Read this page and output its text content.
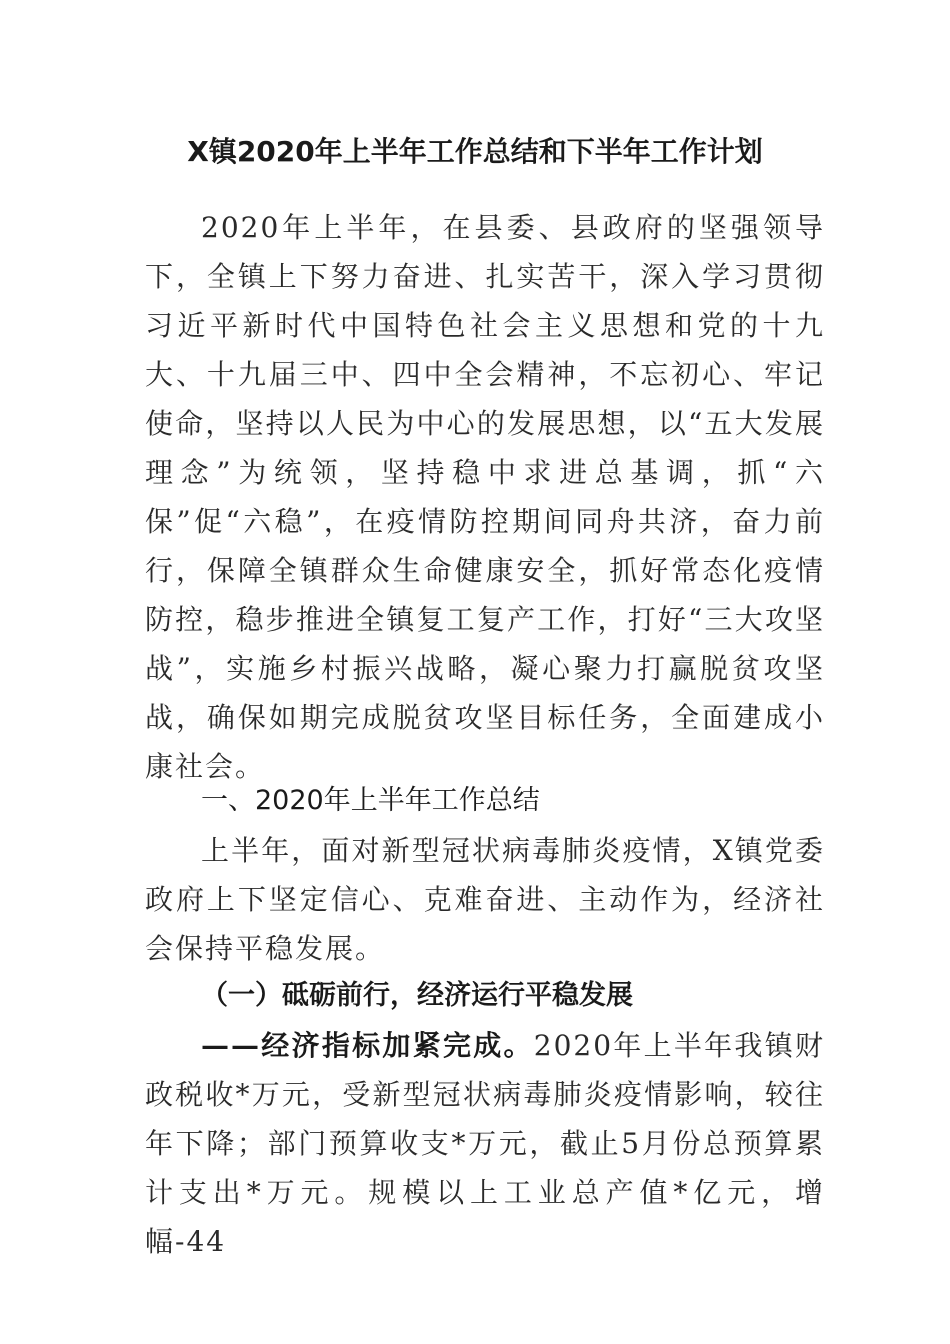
X镇2020年上半年工作总结和下半年工作计划

2020年上半年，在县委、县政府的坚强领导下，全镇上下努力奋进、扎实苦干，深入学习贯彻习近平新时代中国特色社会主义思想和党的十九大、十九届三中、四中全会精神，不忘初心、牢记使命，坚持以人民为中心的发展思想，以“五大发展理念”为统领，坚持稳中求进总基调，抓“六保”促“六稳”，在疫情防控期间同舟共济，奋力前行，保障全镇群众生命健康安全，抓好常态化疫情防控，稳步推进全镇复工复产工作，打好“三大攻坚战”，实施乡村振兴战略，凝心聚力打赢脱贫攻坚战，确保如期完成脱贫攻坚目标任务，全面建成小康社会。

一、2020年上半年工作总结

上半年，面对新型冠状病毒肺炎疫情，X镇党委政府上下坚定信心、克难奋进、主动作为，经济社会保持平稳发展。

（一）砥砺前行，经济运行平稳发展

——经济指标加紧完成。2020年上半年我镇财政税收*万元，受新型冠状病毒肺炎疫情影响，较往年下降；部门预算收支*万元，截止5月份总预算累计支出*万元。规模以上工业总产值*亿元，增幅-44
